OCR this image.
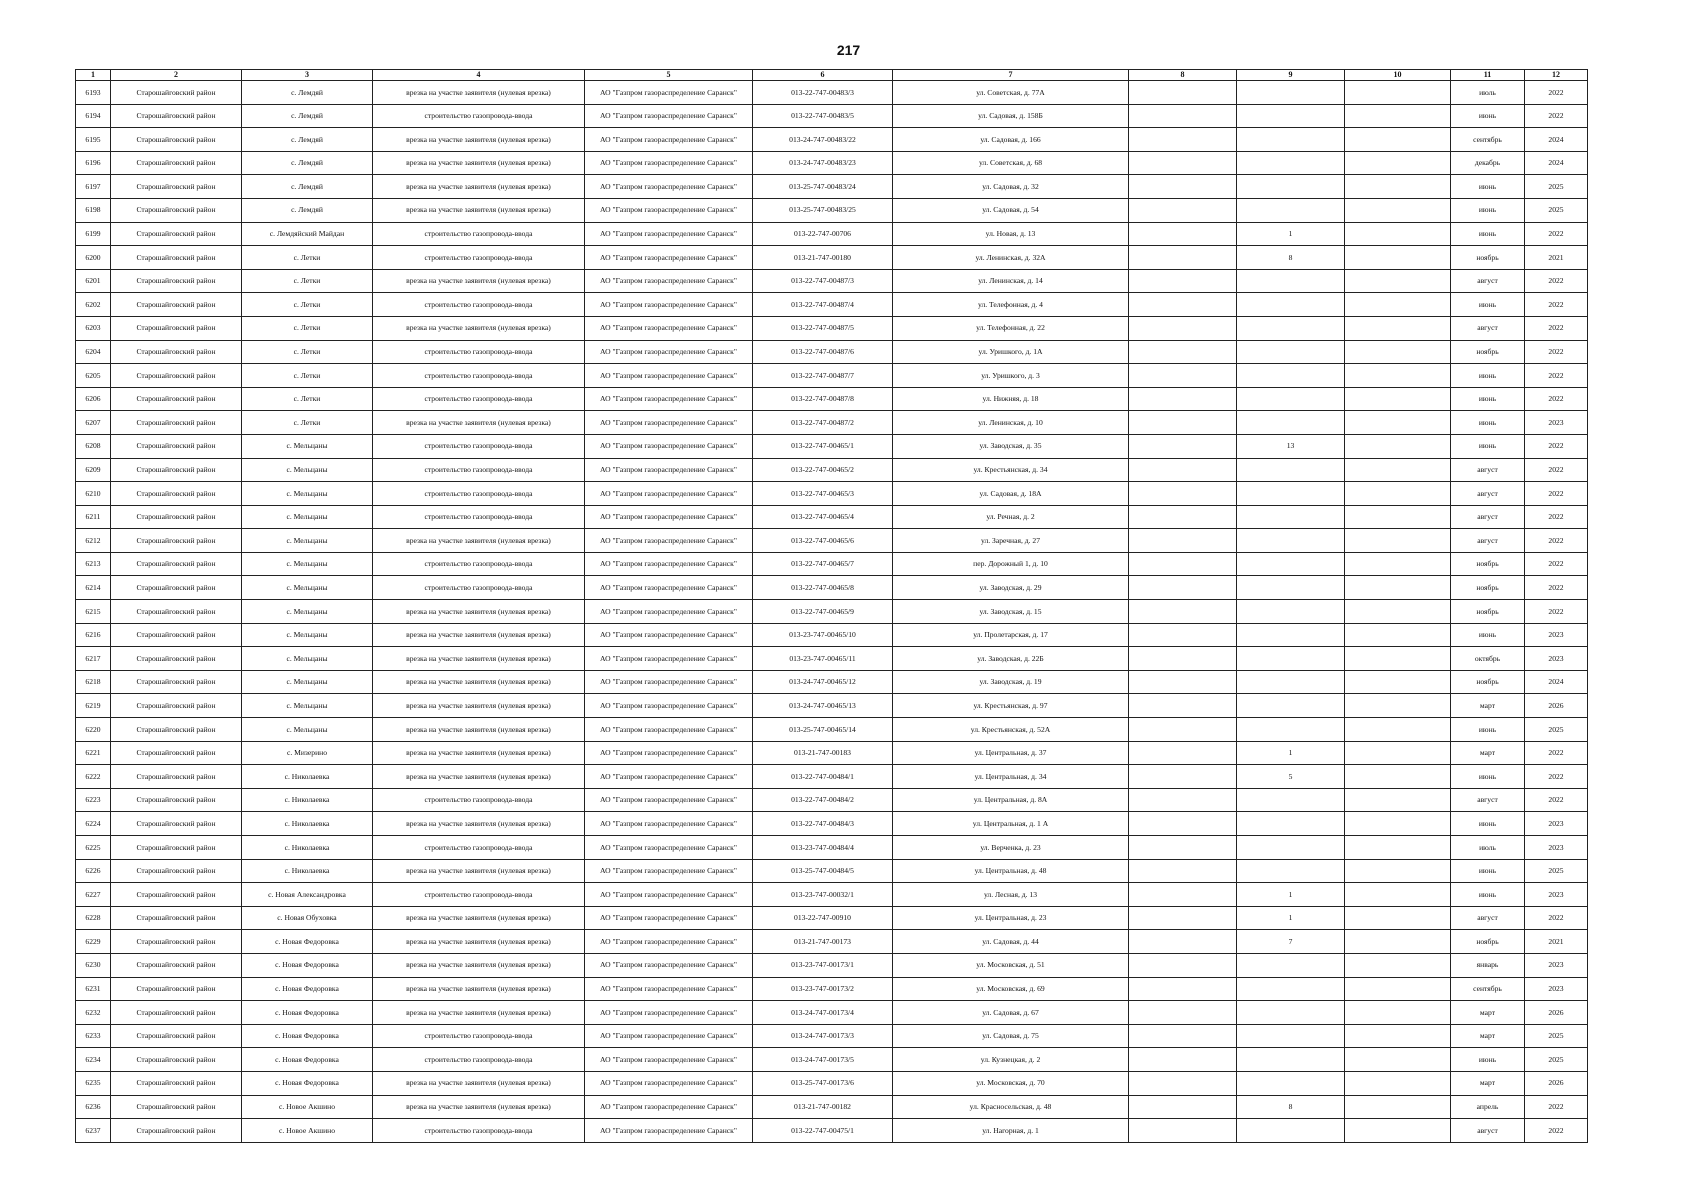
217
1	2	3	4	5	6	7	8	9	10	11	12
6193	Старошайговский район	с. Лемдяй	врезка на участке заявителя (нулевая врезка)	АО "Газпром газораспределение Саранск"	013-22-747-00483/3	ул. Советская, д. 77А				июль	2022
6194	Старошайговский район	с. Лемдяй	строительство газопровода-ввода	АО "Газпром газораспределение Саранск"	013-22-747-00483/5	ул. Садовая, д. 158Б				июнь	2022
6195	Старошайговский район	с. Лемдяй	врезка на участке заявителя (нулевая врезка)	АО "Газпром газораспределение Саранск"	013-24-747-00483/22	ул. Садовая, д. 166				сентябрь	2024
6196	Старошайговский район	с. Лемдяй	врезка на участке заявителя (нулевая врезка)	АО "Газпром газораспределение Саранск"	013-24-747-00483/23	ул. Советская, д. 68				декабрь	2024
6197	Старошайговский район	с. Лемдяй	врезка на участке заявителя (нулевая врезка)	АО "Газпром газораспределение Саранск"	013-25-747-00483/24	ул. Садовая, д. 32				июнь	2025
6198	Старошайговский район	с. Лемдяй	врезка на участке заявителя (нулевая врезка)	АО "Газпром газораспределение Саранск"	013-25-747-00483/25	ул. Садовая, д. 54				июнь	2025
6199	Старошайговский район	с. Лемдяйский Майдан	строительство газопровода-ввода	АО "Газпром газораспределение Саранск"	013-22-747-00706	ул. Новая, д. 13		1		июнь	2022
6200	Старошайговский район	с. Летки	строительство газопровода-ввода	АО "Газпром газораспределение Саранск"	013-21-747-00180	ул. Ленинская, д. 32А		8		ноябрь	2021
6201	Старошайговский район	с. Летки	врезка на участке заявителя (нулевая врезка)	АО "Газпром газораспределение Саранск"	013-22-747-00487/3	ул. Ленинская, д. 14				август	2022
6202	Старошайговский район	с. Летки	строительство газопровода-ввода	АО "Газпром газораспределение Саранск"	013-22-747-00487/4	ул. Телефонная, д. 4				июнь	2022
6203	Старошайговский район	с. Летки	врезка на участке заявителя (нулевая врезка)	АО "Газпром газораспределение Саранск"	013-22-747-00487/5	ул. Телефонная, д. 22				август	2022
6204	Старошайговский район	с. Летки	строительство газопровода-ввода	АО "Газпром газораспределение Саранск"	013-22-747-00487/6	ул. Уришкого, д. 1А				ноябрь	2022
6205	Старошайговский район	с. Летки	строительство газопровода-ввода	АО "Газпром газораспределение Саранск"	013-22-747-00487/7	ул. Уришкого, д. 3				июнь	2022
6206	Старошайговский район	с. Летки	строительство газопровода-ввода	АО "Газпром газораспределение Саранск"	013-22-747-00487/8	ул. Нижняя, д. 18				июнь	2022
6207	Старошайговский район	с. Летки	врезка на участке заявителя (нулевая врезка)	АО "Газпром газораспределение Саранск"	013-22-747-00487/2	ул. Ленинская, д. 10				июнь	2023
6208	Старошайговский район	с. Мельцаны	строительство газопровода-ввода	АО "Газпром газораспределение Саранск"	013-22-747-00465/1	ул. Заводская, д. 35		13		июнь	2022
6209	Старошайговский район	с. Мельцаны	строительство газопровода-ввода	АО "Газпром газораспределение Саранск"	013-22-747-00465/2	ул. Крестьянская, д. 34				август	2022
6210	Старошайговский район	с. Мельцаны	строительство газопровода-ввода	АО "Газпром газораспределение Саранск"	013-22-747-00465/3	ул. Садовая, д. 18А				август	2022
6211	Старошайговский район	с. Мельцаны	строительство газопровода-ввода	АО "Газпром газораспределение Саранск"	013-22-747-00465/4	ул. Речная, д. 2				август	2022
6212	Старошайговский район	с. Мельцаны	врезка на участке заявителя (нулевая врезка)	АО "Газпром газораспределение Саранск"	013-22-747-00465/6	ул. Заречная, д. 27				август	2022
6213	Старошайговский район	с. Мельцаны	строительство газопровода-ввода	АО "Газпром газораспределение Саранск"	013-22-747-00465/7	пер. Дорожный 1, д. 10				ноябрь	2022
6214	Старошайговский район	с. Мельцаны	строительство газопровода-ввода	АО "Газпром газораспределение Саранск"	013-22-747-00465/8	ул. Заводская, д. 29				ноябрь	2022
6215	Старошайговский район	с. Мельцаны	врезка на участке заявителя (нулевая врезка)	АО "Газпром газораспределение Саранск"	013-22-747-00465/9	ул. Заводская, д. 15				ноябрь	2022
6216	Старошайговский район	с. Мельцаны	врезка на участке заявителя (нулевая врезка)	АО "Газпром газораспределение Саранск"	013-23-747-00465/10	ул. Пролетарская, д. 17				июнь	2023
6217	Старошайговский район	с. Мельцаны	врезка на участке заявителя (нулевая врезка)	АО "Газпром газораспределение Саранск"	013-23-747-00465/11	ул. Заводская, д. 22Б				октябрь	2023
6218	Старошайговский район	с. Мельцаны	врезка на участке заявителя (нулевая врезка)	АО "Газпром газораспределение Саранск"	013-24-747-00465/12	ул. Заводская, д. 19				ноябрь	2024
6219	Старошайговский район	с. Мельцаны	врезка на участке заявителя (нулевая врезка)	АО "Газпром газораспределение Саранск"	013-24-747-00465/13	ул. Крестьянская, д. 97				март	2026
6220	Старошайговский район	с. Мельцаны	врезка на участке заявителя (нулевая врезка)	АО "Газпром газораспределение Саранск"	013-25-747-00465/14	ул. Крестьянская, д. 52А				июнь	2025
6221	Старошайговский район	с. Мизерино	врезка на участке заявителя (нулевая врезка)	АО "Газпром газораспределение Саранск"	013-21-747-00183	ул. Центральная, д. 37		1		март	2022
6222	Старошайговский район	с. Николаевка	врезка на участке заявителя (нулевая врезка)	АО "Газпром газораспределение Саранск"	013-22-747-00484/1	ул. Центральная, д. 34		5		июнь	2022
6223	Старошайговский район	с. Николаевка	строительство газопровода-ввода	АО "Газпром газораспределение Саранск"	013-22-747-00484/2	ул. Центральная, д. 8А				август	2022
6224	Старошайговский район	с. Николаевка	врезка на участке заявителя (нулевая врезка)	АО "Газпром газораспределение Саранск"	013-22-747-00484/3	ул. Центральная, д. 1 А				июнь	2023
6225	Старошайговский район	с. Николаевка	строительство газопровода-ввода	АО "Газпром газораспределение Саранск"	013-23-747-00484/4	ул. Верченка, д. 23				июль	2023
6226	Старошайговский район	с. Николаевка	врезка на участке заявителя (нулевая врезка)	АО "Газпром газораспределение Саранск"	013-25-747-00484/5	ул. Центральная, д. 48				июнь	2025
6227	Старошайговский район	с. Новая Александровка	строительство газопровода-ввода	АО "Газпром газораспределение Саранск"	013-23-747-00032/1	ул. Лесная, д. 13		1		июнь	2023
6228	Старошайговский район	с. Новая Обуховка	врезка на участке заявителя (нулевая врезка)	АО "Газпром газораспределение Саранск"	013-22-747-00910	ул. Центральная, д. 23		1		август	2022
6229	Старошайговский район	с. Новая Федоровка	врезка на участке заявителя (нулевая врезка)	АО "Газпром газораспределение Саранск"	013-21-747-00173	ул. Садовая, д. 44		7		ноябрь	2021
6230	Старошайговский район	с. Новая Федоровка	врезка на участке заявителя (нулевая врезка)	АО "Газпром газораспределение Саранск"	013-23-747-00173/1	ул. Московская, д. 51				январь	2023
6231	Старошайговский район	с. Новая Федоровка	врезка на участке заявителя (нулевая врезка)	АО "Газпром газораспределение Саранск"	013-23-747-00173/2	ул. Московская, д. 69				сентябрь	2023
6232	Старошайговский район	с. Новая Федоровка	врезка на участке заявителя (нулевая врезка)	АО "Газпром газораспределение Саранск"	013-24-747-00173/4	ул. Садовая, д. 67				март	2026
6233	Старошайговский район	с. Новая Федоровка	строительство газопровода-ввода	АО "Газпром газораспределение Саранск"	013-24-747-00173/3	ул. Садовая, д. 75				март	2025
6234	Старошайговский район	с. Новая Федоровка	строительство газопровода-ввода	АО "Газпром газораспределение Саранск"	013-24-747-00173/5	ул. Кузнецкая, д. 2				июнь	2025
6235	Старошайговский район	с. Новая Федоровка	врезка на участке заявителя (нулевая врезка)	АО "Газпром газораспределение Саранск"	013-25-747-00173/6	ул. Московская, д. 70				март	2026
6236	Старошайговский район	с. Новое Акшино	врезка на участке заявителя (нулевая врезка)	АО "Газпром газораспределение Саранск"	013-21-747-00182	ул. Красносельская, д. 48		8		апрель	2022
6237	Старошайговский район	с. Новое Акшино	строительство газопровода-ввода	АО "Газпром газораспределение Саранск"	013-22-747-00475/1	ул. Нагорная, д. 1				август	2022
